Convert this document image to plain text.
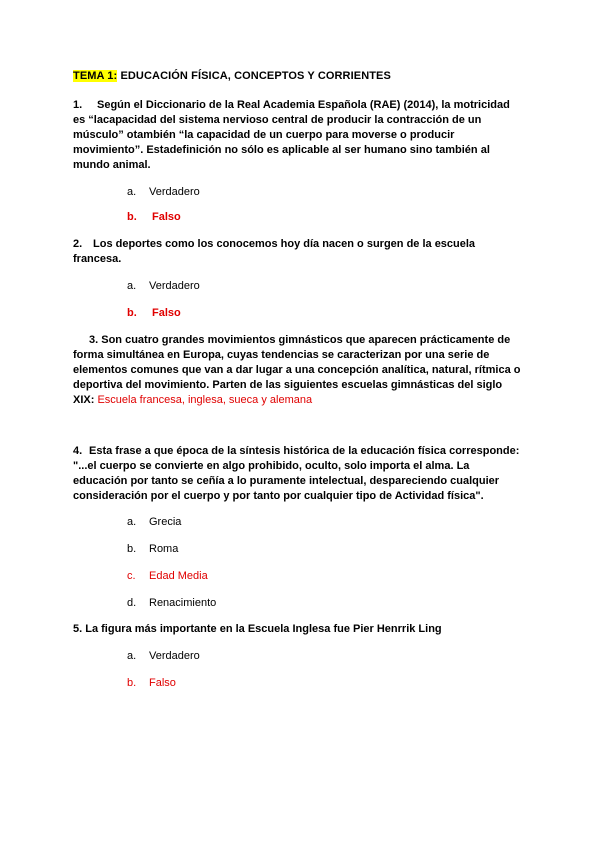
TEMA 1: EDUCACIÓN FÍSICA, CONCEPTOS Y CORRIENTES
1.	Según el Diccionario de la Real Academia Española (RAE) (2014), la motricidad es “lacapacidad del sistema nervioso central de producir la contracción de un músculo” otambién “la capacidad de un cuerpo para moverse o producir movimiento”. Estadefinición no sólo es aplicable al ser humano sino también al mundo animal.
a. Verdadero
b. Falso
2. Los deportes como los conocemos hoy día nacen o surgen de la escuela francesa.
a. Verdadero
b. Falso
3. Son cuatro grandes movimientos gimnásticos que aparecen prácticamente de forma simultánea en Europa, cuyas tendencias se caracterizan por una serie de elementos comunes que van a dar lugar a una concepción analítica, natural, rítmica o deportiva del movimiento. Parten de las siguientes escuelas gimnásticas del siglo XIX: Escuela francesa, inglesa, sueca y alemana
4. Esta frase a que época de la síntesis histórica de la educación física corresponde: "...el cuerpo se convierte en algo prohibido, oculto, solo importa el alma. La educación por tanto se ceñía a lo puramente intelectual, despareciendo cualquier consideración por el cuerpo y por tanto por cualquier tipo de Actividad física".
a. Grecia
b. Roma
c. Edad Media
d. Renacimiento
5. La figura más importante en la Escuela Inglesa fue Pier Henrrik Ling
a. Verdadero
b. Falso
